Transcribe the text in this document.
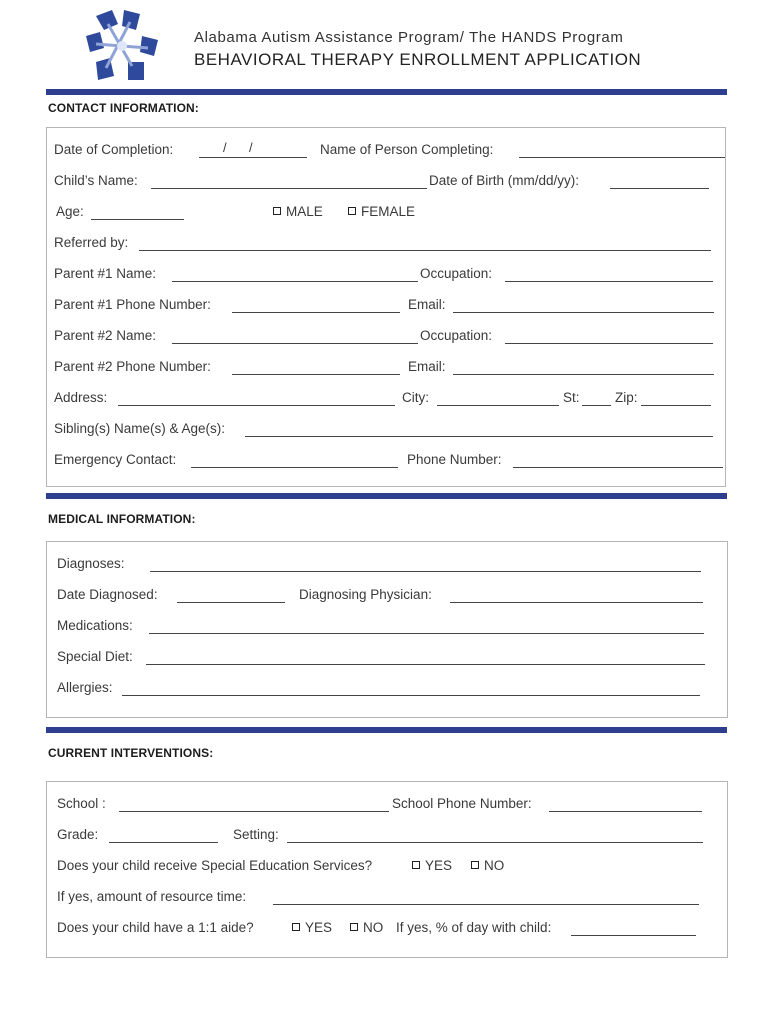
Alabama Autism Assistance Program/ The HANDS Program
BEHAVIORAL THERAPY ENROLLMENT APPLICATION
CONTACT INFORMATION:
Date of Completion:	/ /	Name of Person Completing:
Child’s Name:	Date of Birth (mm/dd/yy):
Age:	MALE	FEMALE
Referred by:
Parent #1 Name:	Occupation:
Parent #1 Phone Number:	Email:
Parent #2 Name:	Occupation:
Parent #2 Phone Number:	Email:
Address:	City:	St:	Zip:
Sibling(s) Name(s) & Age(s):
Emergency Contact:	Phone Number:
MEDICAL INFORMATION:
Diagnoses:
Date Diagnosed:	Diagnosing Physician:
Medications:
Special Diet:
Allergies:
CURRENT INTERVENTIONS:
School :	School Phone Number:
Grade:	Setting:
Does your child receive Special Education Services?	YES	NO
If yes, amount of resource time:
Does your child have a 1:1 aide?	YES	NO If yes, % of day with child:
